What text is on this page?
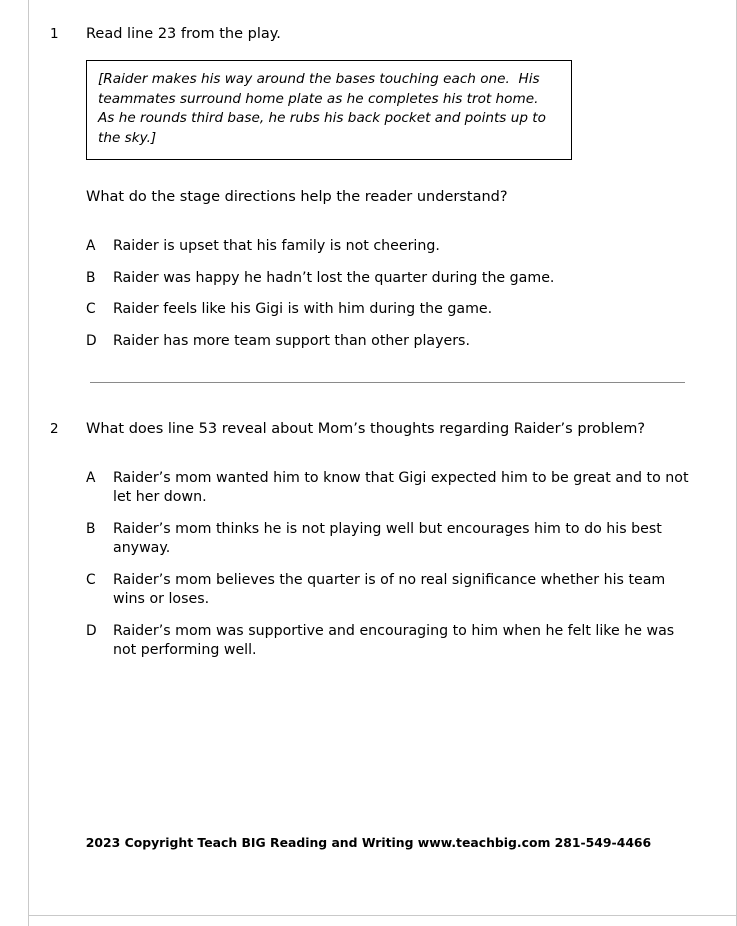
1 Read line 23 from the play.

[Raider makes his way around the bases touching each one.  His teammates surround home plate as he completes his trot home.  As he rounds third base, he rubs his back pocket and points up to the sky.]

What do the stage directions help the reader understand?
A	Raider is upset that his family is not cheering.
B	Raider was happy he hadn’t lost the quarter during the game.
C	Raider feels like his Gigi is with him during the game.
D	Raider has more team support than other players.
2 What does line 53 reveal about Mom’s thoughts regarding Raider’s problem?
A	Raider’s mom wanted him to know that Gigi expected him to be great and to not let her down.
B	Raider’s mom thinks he is not playing well but encourages him to do his best anyway.
C	Raider’s mom believes the quarter is of no real significance whether his team wins or loses.
D	Raider’s mom was supportive and encouraging to him when he felt like he was not performing well.
2023 Copyright Teach BIG Reading and Writing www.teachbig.com 281-549-4466
